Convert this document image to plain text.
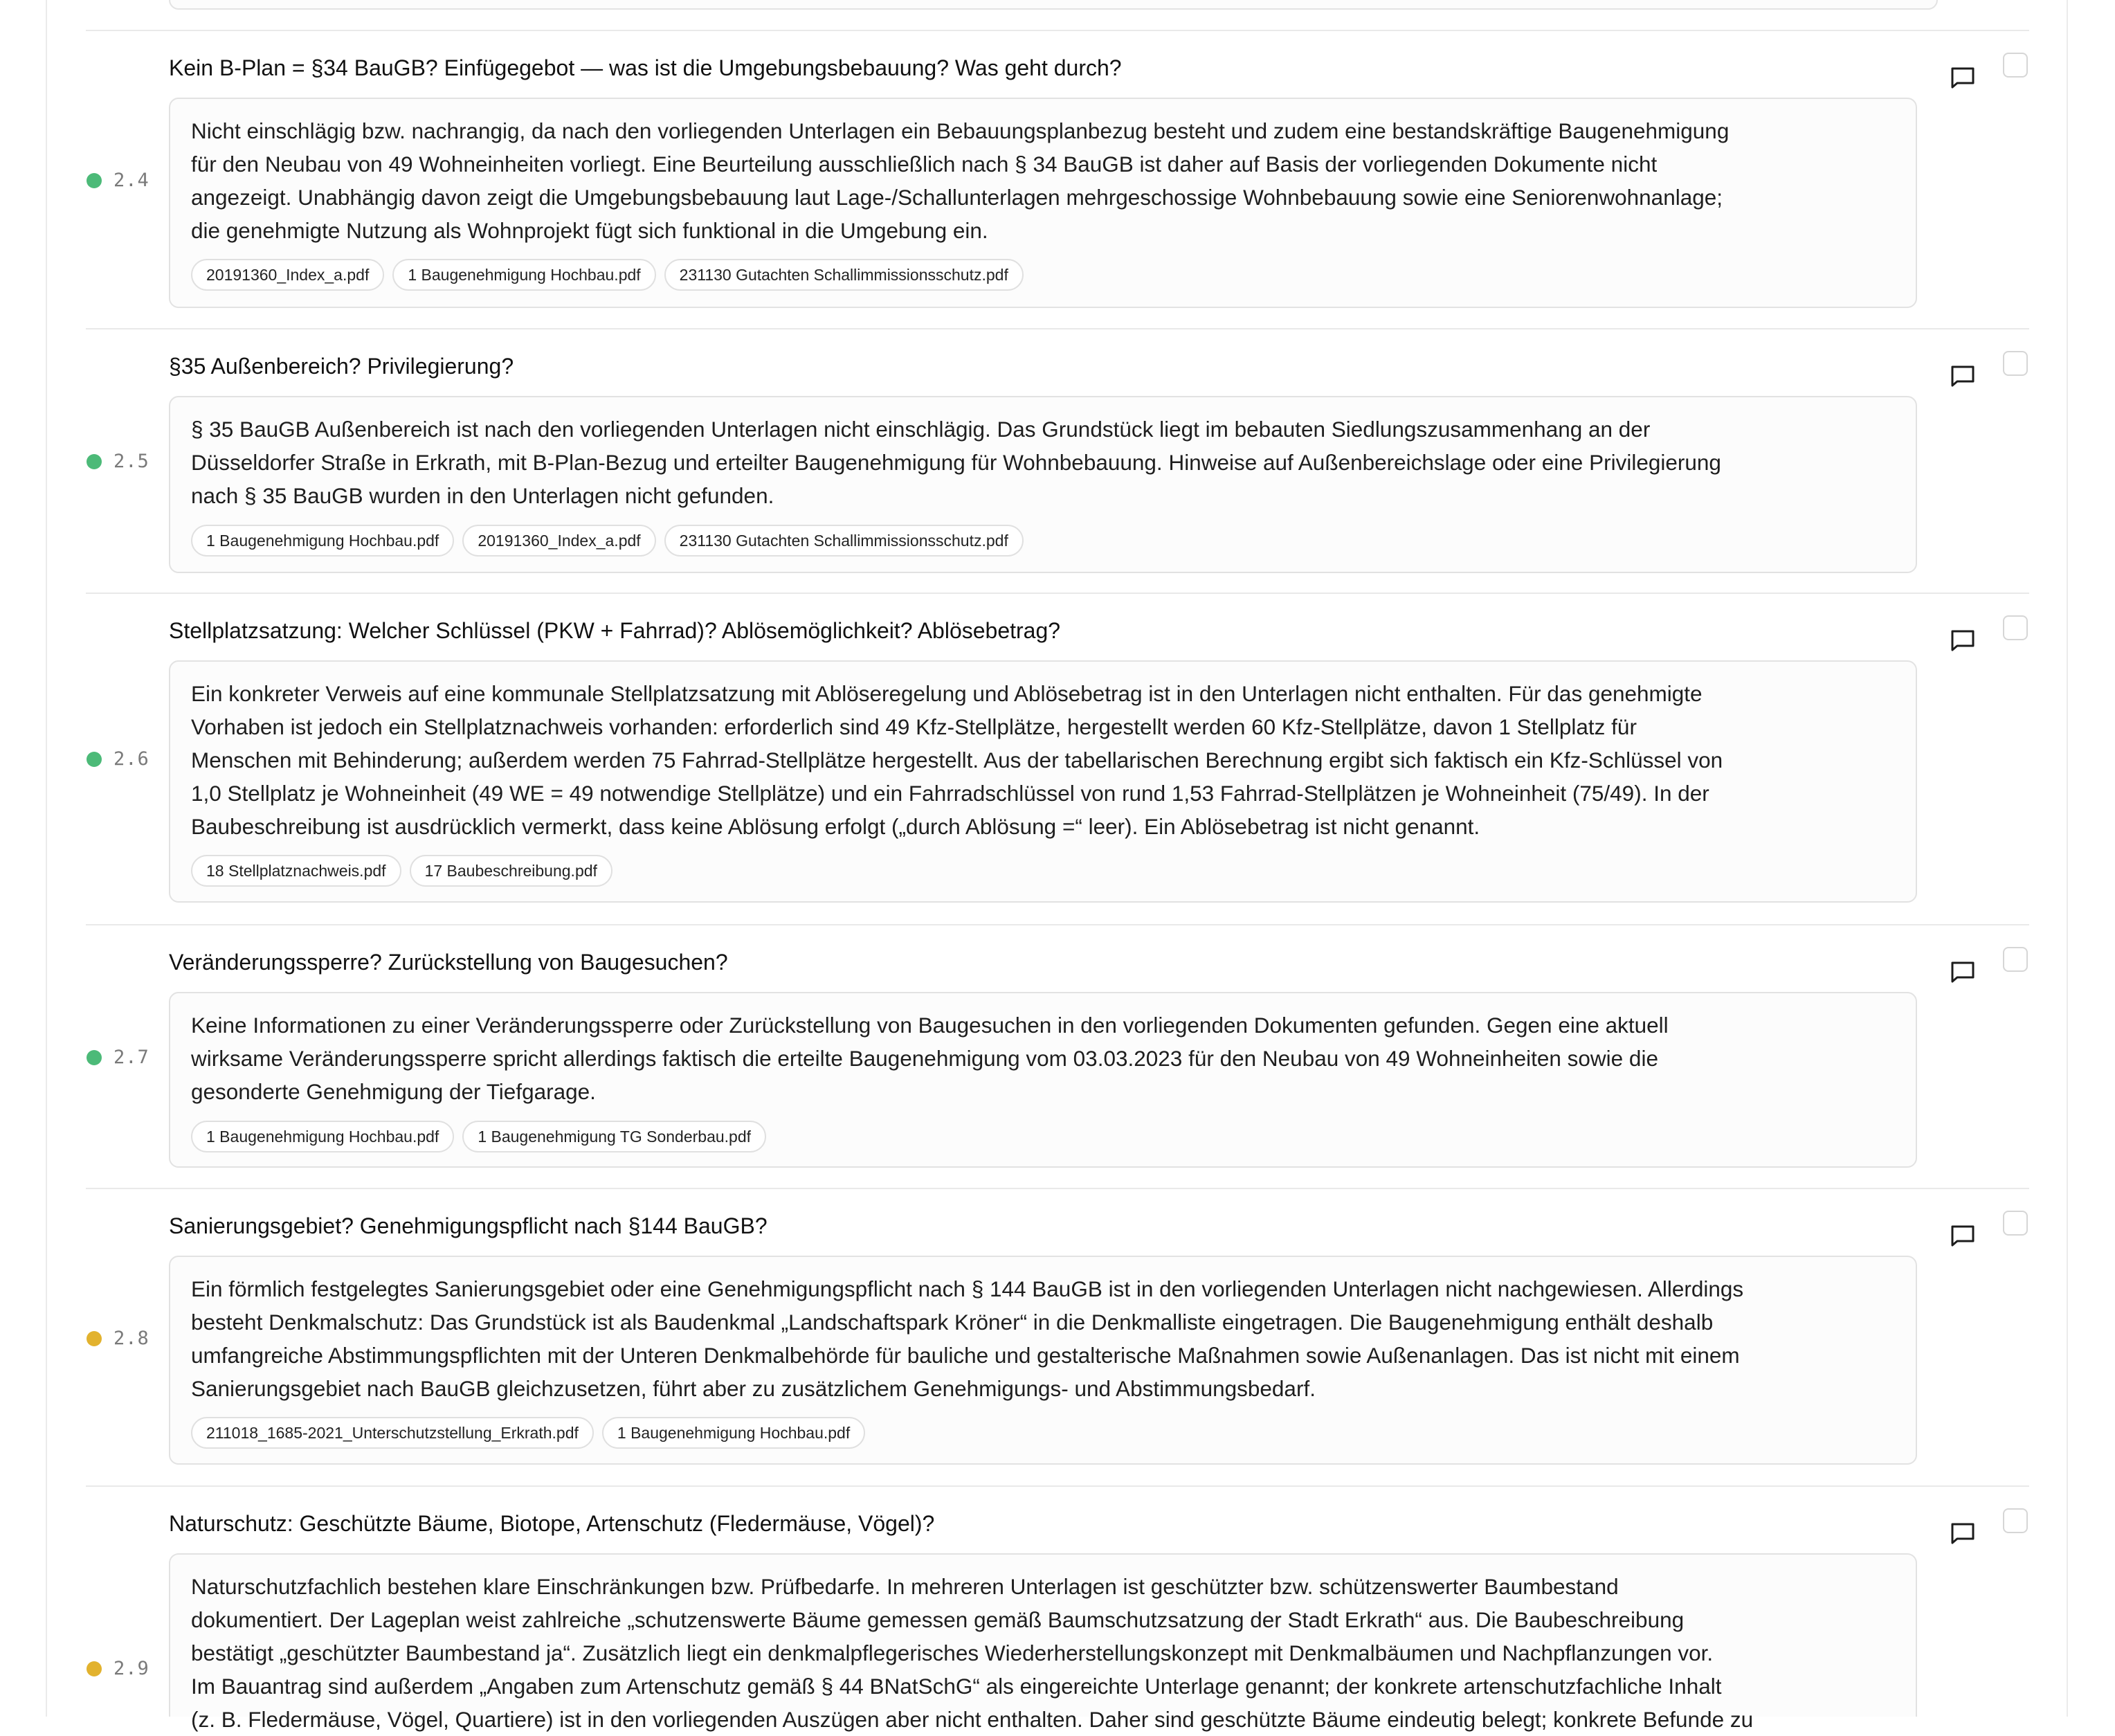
Kein B-Plan = §34 BauGB? Einfügegebot — was ist die Umgebungsbebauung? Was geht durch?
2.4

Nicht einschlägig bzw. nachrangig, da nach den vorliegenden Unterlagen ein Bebauungsplanbezug besteht und zudem eine bestandskräftige Baugenehmigung
für den Neubau von 49 Wohneinheiten vorliegt. Eine Beurteilung ausschließlich nach § 34 BauGB ist daher auf Basis der vorliegenden Dokumente nicht
angezeigt. Unabhängig davon zeigt die Umgebungsbebauung laut Lage-/Schallunterlagen mehrgeschossige Wohnbebauung sowie eine Seniorenwohnanlage;
die genehmigte Nutzung als Wohnprojekt fügt sich funktional in die Umgebung ein.

20191360_Index_a.pdf	1 Baugenehmigung Hochbau.pdf	231130 Gutachten Schallimmissionsschutz.pdf
§35 Außenbereich? Privilegierung?
2.5

§ 35 BauGB Außenbereich ist nach den vorliegenden Unterlagen nicht einschlägig. Das Grundstück liegt im bebauten Siedlungszusammenhang an der
Düsseldorfer Straße in Erkrath, mit B-Plan-Bezug und erteilter Baugenehmigung für Wohnbebauung. Hinweise auf Außenbereichslage oder eine Privilegierung
nach § 35 BauGB wurden in den Unterlagen nicht gefunden.

1 Baugenehmigung Hochbau.pdf	20191360_Index_a.pdf	231130 Gutachten Schallimmissionsschutz.pdf
Stellplatzsatzung: Welcher Schlüssel (PKW + Fahrrad)? Ablösemöglichkeit? Ablösebetrag?
2.6

Ein konkreter Verweis auf eine kommunale Stellplatzsatzung mit Ablöseregelung und Ablösebetrag ist in den Unterlagen nicht enthalten. Für das genehmigte
Vorhaben ist jedoch ein Stellplatznachweis vorhanden: erforderlich sind 49 Kfz-Stellplätze, hergestellt werden 60 Kfz-Stellplätze, davon 1 Stellplatz für
Menschen mit Behinderung; außerdem werden 75 Fahrrad-Stellplätze hergestellt. Aus der tabellarischen Berechnung ergibt sich faktisch ein Kfz-Schlüssel von
1,0 Stellplatz je Wohneinheit (49 WE = 49 notwendige Stellplätze) und ein Fahrradschlüssel von rund 1,53 Fahrrad-Stellplätzen je Wohneinheit (75/49). In der
Baubeschreibung ist ausdrücklich vermerkt, dass keine Ablösung erfolgt („durch Ablösung =“ leer). Ein Ablösebetrag ist nicht genannt.

18 Stellplatznachweis.pdf	17 Baubeschreibung.pdf
Veränderungssperre? Zurückstellung von Baugesuchen?
2.7

Keine Informationen zu einer Veränderungssperre oder Zurückstellung von Baugesuchen in den vorliegenden Dokumenten gefunden. Gegen eine aktuell
wirksame Veränderungssperre spricht allerdings faktisch die erteilte Baugenehmigung vom 03.03.2023 für den Neubau von 49 Wohneinheiten sowie die
gesonderte Genehmigung der Tiefgarage.

1 Baugenehmigung Hochbau.pdf	1 Baugenehmigung TG Sonderbau.pdf
Sanierungsgebiet? Genehmigungspflicht nach §144 BauGB?
2.8

Ein förmlich festgelegtes Sanierungsgebiet oder eine Genehmigungspflicht nach § 144 BauGB ist in den vorliegenden Unterlagen nicht nachgewiesen. Allerdings
besteht Denkmalschutz: Das Grundstück ist als Baudenkmal „Landschaftspark Kröner“ in die Denkmalliste eingetragen. Die Baugenehmigung enthält deshalb
umfangreiche Abstimmungspflichten mit der Unteren Denkmalbehörde für bauliche und gestalterische Maßnahmen sowie Außenanlagen. Das ist nicht mit einem
Sanierungsgebiet nach BauGB gleichzusetzen, führt aber zu zusätzlichem Genehmigungs- und Abstimmungsbedarf.

211018_1685-2021_Unterschutzstellung_Erkrath.pdf	1 Baugenehmigung Hochbau.pdf
Naturschutz: Geschützte Bäume, Biotope, Artenschutz (Fledermäuse, Vögel)?
2.9

Naturschutzfachlich bestehen klare Einschränkungen bzw. Prüfbedarfe. In mehreren Unterlagen ist geschützter bzw. schützenswerter Baumbestand
dokumentiert. Der Lageplan weist zahlreiche „schutzenswerte Bäume gemessen gemäß Baumschutzsatzung der Stadt Erkrath“ aus. Die Baubeschreibung
bestätigt „geschützter Baumbestand ja“. Zusätzlich liegt ein denkmalpflegerisches Wiederherstellungskonzept mit Denkmalbäumen und Nachpflanzungen vor.
Im Bauantrag sind außerdem „Angaben zum Artenschutz gemäß § 44 BNatSchG“ als eingereichte Unterlage genannt; der konkrete artenschutzfachliche Inhalt
(z. B. Fledermäuse, Vögel, Quartiere) ist in den vorliegenden Auszügen aber nicht enthalten. Daher sind geschützte Bäume eindeutig belegt; konkrete Befunde zu
